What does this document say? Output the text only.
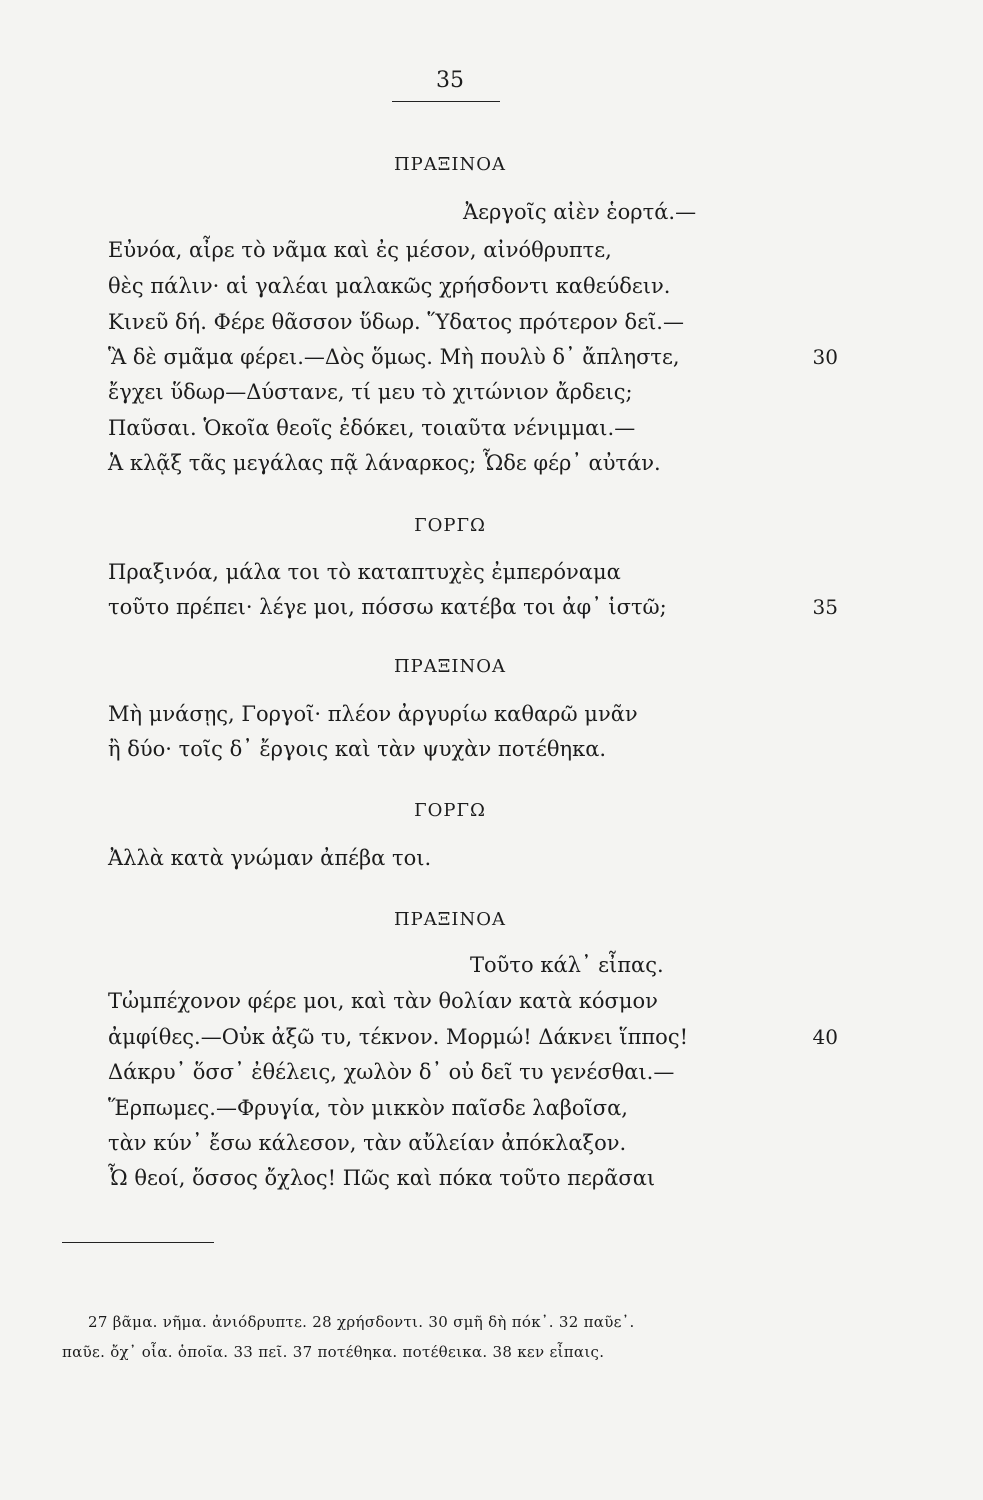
35
ΠΡΑΞΙΝΟΑ
Ἀεργοῖς αἰὲν ἑορτά.—
Εὐνόα, αἶρε τὸ νᾶμα καὶ ἐς μέσον, αἰνόθρυπτε,
θὲς πάλιν· αἱ γαλέαι μαλακῶς χρήσδοντι καθεύδειν.
Κινεῦ δή. Φέρε θᾶσσον ὕδωρ. Ὕδατος πρότερον δεῖ.—
Ἃ δὲ σμᾶμα φέρει.—Δὸς ὅμως. Μὴ πουλὺ δ᾽ ἄπληστε,	30
ἔγχει ὕδωρ—Δύστανε, τί μευ τὸ χιτώνιον ἄρδεις;
Παῦσαι. Ὁκοῖα θεοῖς ἐδόκει, τοιαῦτα νένιμμαι.—
Ἁ κλᾷξ τᾶς μεγάλας πᾷ λάναρκος; Ὧδε φέρ᾽ αὐτάν.
ΓΟΡΓΩ
Πραξινόα, μάλα τοι τὸ καταπτυχὲς ἐμπερόναμα
τοῦτο πρέπει· λέγε μοι, πόσσω κατέβα τοι ἀφ᾽ ἱστῶ;	35
ΠΡΑΞΙΝΟΑ
Μὴ μνάσῃς, Γοργοῖ· πλέον ἀργυρίω καθαρῶ μνᾶν
ἢ δύο· τοῖς δ᾽ ἔργοις καὶ τὰν ψυχὰν ποτέθηκα.
ΓΟΡΓΩ
Ἀλλὰ κατὰ γνώμαν ἀπέβα τοι.
ΠΡΑΞΙΝΟΑ
Τοῦτο κάλ᾽ εἶπας.
Τὠμπέχονον φέρε μοι, καὶ τὰν θολίαν κατὰ κόσμον
ἀμφίθες.—Οὐκ ἀξῶ τυ, τέκνον. Μορμώ! Δάκνει ἵππος!	40
Δάκρυ᾽ ὅσσ᾽ ἐθέλεις, χωλὸν δ᾽ οὐ δεῖ τυ γενέσθαι.—
Ἕρπωμες.—Φρυγία, τὸν μικκὸν παῖσδε λαβοῖσα,
τὰν κύν᾽ ἔσω κάλεσον, τὰν αὔλείαν ἀπόκλαξον.
Ὦ θεοί, ὅσσος ὄχλος! Πῶς καὶ πόκα τοῦτο περᾶσαι
27 βᾶμα. νῆμα. ἀνιόδρυπτε. 28 χρήσδοντι. 30 σμῆ δὴ πόκ᾽. 32 παῦε᾽.
παῦε. ὄχ᾽ οἷα. ὁποῖα. 33 πεῖ. 37 ποτέθηκα. ποτέθεικα. 38 κεν εἶπαις.
